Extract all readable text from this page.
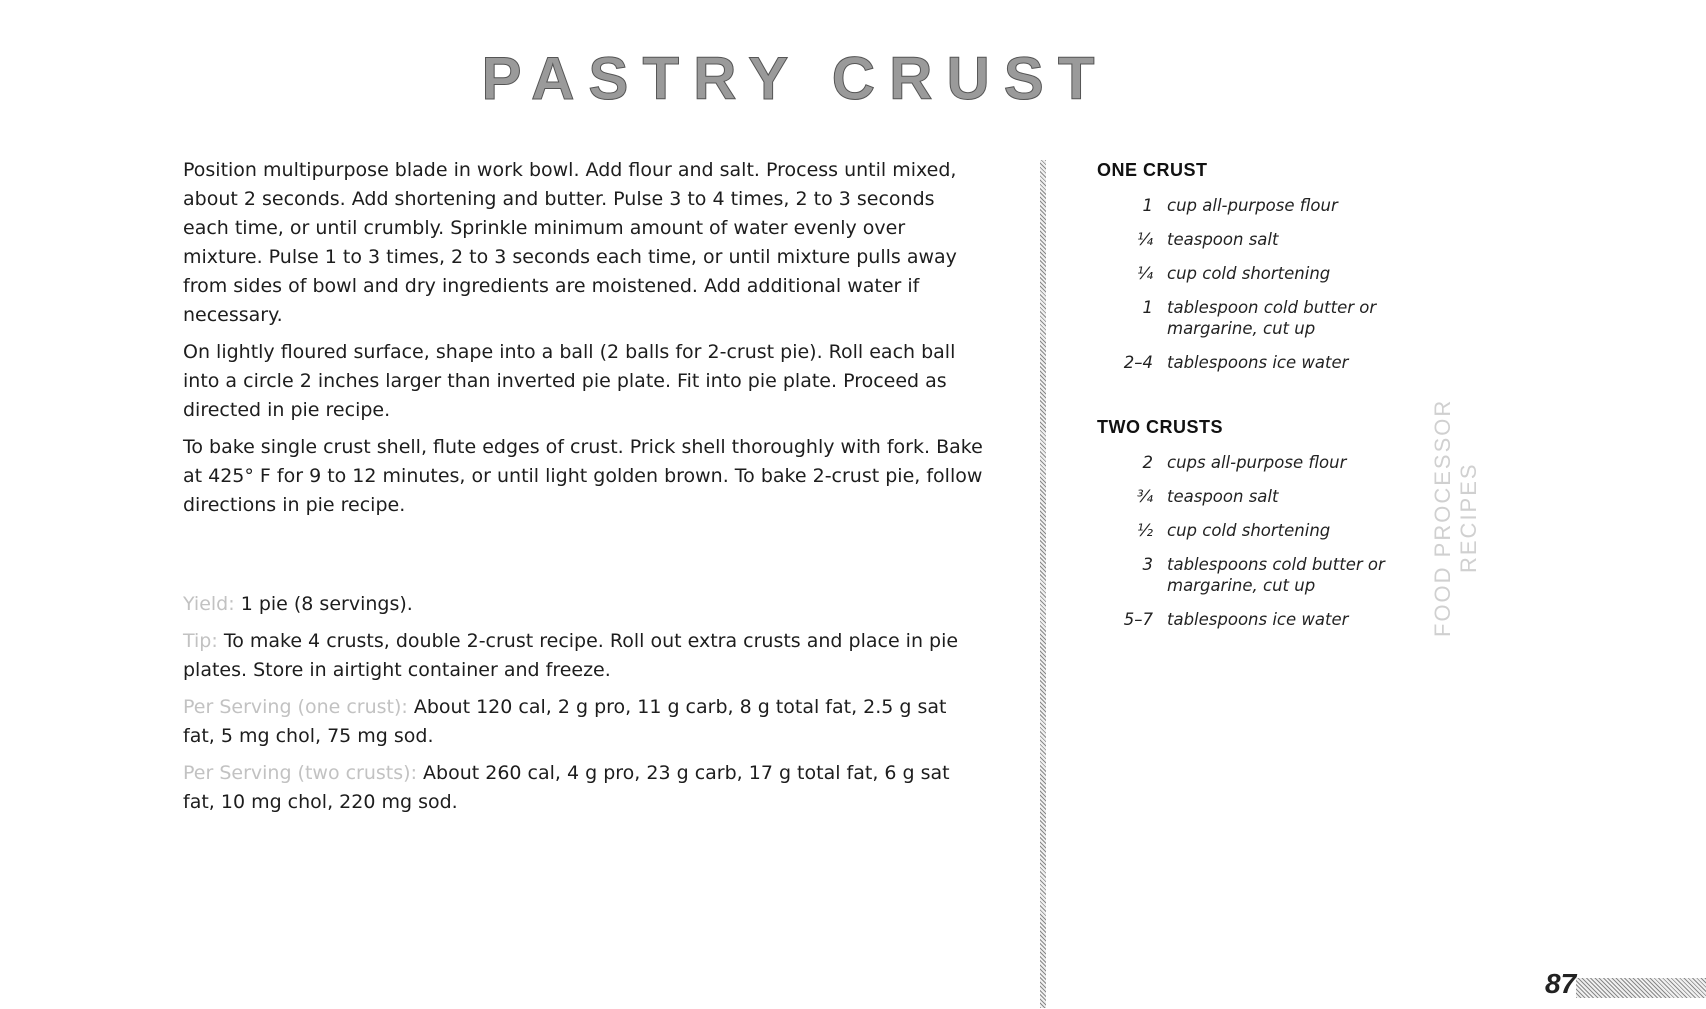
PASTRY CRUST

Position multipurpose blade in work bowl. Add flour and salt. Process until mixed, about 2 seconds. Add shortening and butter. Pulse 3 to 4 times, 2 to 3 seconds each time, or until crumbly. Sprinkle minimum amount of water evenly over mixture. Pulse 1 to 3 times, 2 to 3 seconds each time, or until mixture pulls away from sides of bowl and dry ingredients are moistened. Add additional water if necessary.

On lightly floured surface, shape into a ball (2 balls for 2-crust pie). Roll each ball into a circle 2 inches larger than inverted pie plate. Fit into pie plate. Proceed as directed in pie recipe.

To bake single crust shell, flute edges of crust. Prick shell thoroughly with fork. Bake at 425° F for 9 to 12 minutes, or until light golden brown. To bake 2-crust pie, follow directions in pie recipe.

Yield: 1 pie (8 servings).

Tip: To make 4 crusts, double 2-crust recipe. Roll out extra crusts and place in pie plates. Store in airtight container and freeze.

Per Serving (one crust): About 120 cal, 2 g pro, 11 g carb, 8 g total fat, 2.5 g sat fat, 5 mg chol, 75 mg sod.

Per Serving (two crusts): About 260 cal, 4 g pro, 23 g carb, 17 g total fat, 6 g sat fat, 10 mg chol, 220 mg sod.

ONE CRUST
1 cup all-purpose flour
¼ teaspoon salt
¼ cup cold shortening
1 tablespoon cold butter or margarine, cut up
2–4 tablespoons ice water
TWO CRUSTS
2 cups all-purpose flour
¾ teaspoon salt
½ cup cold shortening
3 tablespoons cold butter or margarine, cut up
5–7 tablespoons ice water	FOOD PROCESSOR RECIPES
87
